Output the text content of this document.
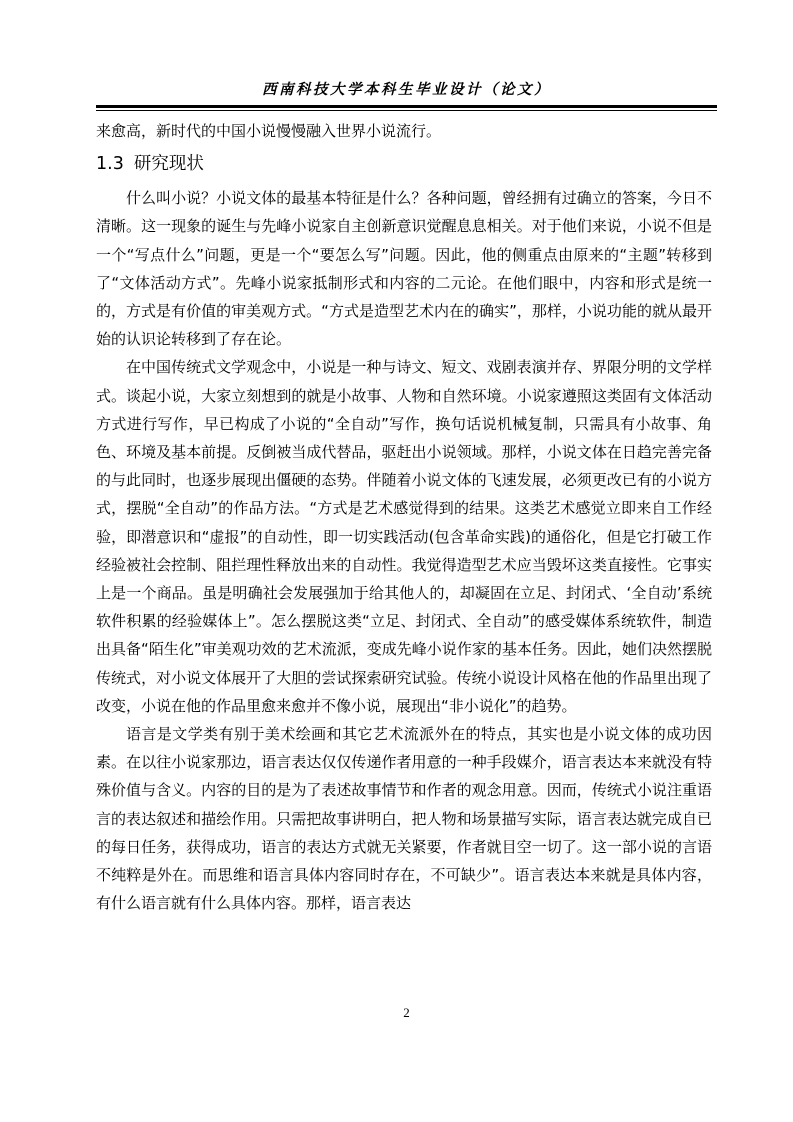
西南科技大学本科生毕业设计（论文）

来愈高，新时代的中国小说慢慢融入世界小说流行。

1.3 研究现状

什么叫小说？小说文体的最基本特征是什么？各种问题，曾经拥有过确立的答案，今日不清晰。这一现象的诞生与先峰小说家自主创新意识觉醒息息相关。对于他们来说，小说不但是一个“写点什么”问题，更是一个“要怎么写”问题。因此，他的侧重点由原来的“主题”转移到了“文体活动方式”。先峰小说家抵制形式和内容的二元论。在他们眼中，内容和形式是统一的，方式是有价值的审美观方式。“方式是造型艺术内在的确实”，那样，小说功能的就从最开始的认识论转移到了存在论。

在中国传统式文学观念中，小说是一种与诗文、短文、戏剧表演并存、界限分明的文学样式。谈起小说，大家立刻想到的就是小故事、人物和自然环境。小说家遵照这类固有文体活动方式进行写作，早已构成了小说的“全自动”写作，换句话说机械复制，只需具有小故事、角色、环境及基本前提。反倒被当成代替品，驱赶出小说领域。那样，小说文体在日趋完善完备的与此同时，也逐步展现出僵硬的态势。伴随着小说文体的飞速发展，必须更改已有的小说方式，摆脱“全自动”的作品方法。“方式是艺术感觉得到的结果。这类艺术感觉立即来自工作经验，即潜意识和“虚报”的自动性，即一切实践活动(包含革命实践)的通俗化，但是它打破工作经验被社会控制、阻拦理性释放出来的自动性。我觉得造型艺术应当毁坏这类直接性。它事实上是一个商品。虽是明确社会发展强加于给其他人的，却凝固在立足、封闭式、‘全自动’系统软件积累的经验媒体上”。怎么摆脱这类“立足、封闭式、全自动”的感受媒体系统软件，制造出具备“陌生化”审美观功效的艺术流派，变成先峰小说作家的基本任务。因此，她们决然摆脱传统式，对小说文体展开了大胆的尝试探索研究试验。传统小说设计风格在他的作品里出现了改变，小说在他的作品里愈来愈并不像小说，展现出“非小说化”的趋势。

语言是文学类有别于美术绘画和其它艺术流派外在的特点，其实也是小说文体的成功因素。在以往小说家那边，语言表达仅仅传递作者用意的一种手段媒介，语言表达本来就没有特殊价值与含义。内容的目的是为了表述故事情节和作者的观念用意。因而，传统式小说注重语言的表达叙述和描绘作用。只需把故事讲明白，把人物和场景描写实际，语言表达就完成自已的每日任务，获得成功，语言的表达方式就无关紧要，作者就目空一切了。这一部小说的言语不纯粹是外在。而思维和语言具体内容同时存在，不可缺少”。语言表达本来就是具体内容，有什么语言就有什么具体内容。那样，语言表达

2
